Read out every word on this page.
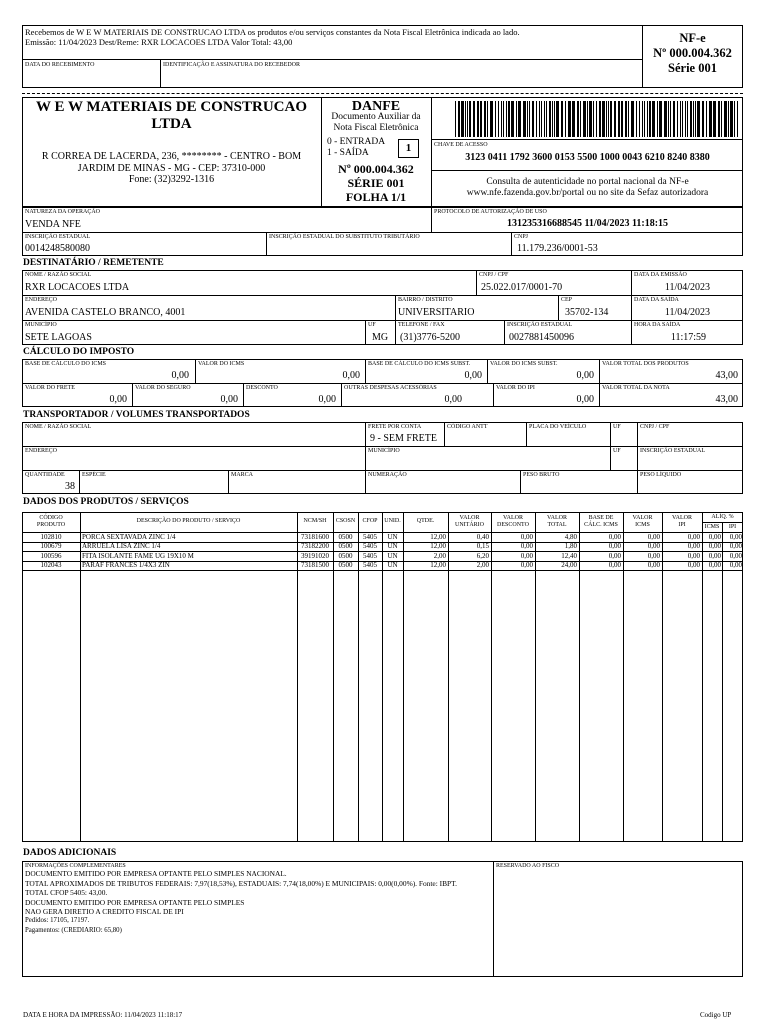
Recebemos de W E W MATERIAIS DE CONSTRUCAO LTDA os produtos e/ou serviços constantes da Nota Fiscal Eletrônica indicada ao lado.
Emissão: 11/04/2023 Dest/Reme: RXR LOCACOES LTDA Valor Total: 43,00
DATA DO RECEBIMENTO	IDENTIFICAÇÃO E ASSINATURA DO RECEBEDOR
NF-e
Nº 000.004.362
Série 001
W E W MATERIAIS DE CONSTRUCAO
LTDA
R CORREA DE LACERDA, 236, ******** - CENTRO - BOM
JARDIM DE MINAS - MG - CEP: 37310-000
Fone: (32)3292-1316
DANFE
Documento Auxiliar da
Nota Fiscal Eletrônica
0 - ENTRADA
1 - SAÍDA	1
Nº 000.004.362
SÉRIE 001
FOLHA 1/1
CHAVE DE ACESSO
3123 0411 1792 3600 0153 5500 1000 0043 6210 8240 8380
Consulta de autenticidade no portal nacional da NF-e
www.nfe.fazenda.gov.br/portal ou no site da Sefaz autorizadora
NATUREZA DA OPERAÇÃO
VENDA NFE
PROTOCOLO DE AUTORIZAÇÃO DE USO
131235316688545 11/04/2023 11:18:15
INSCRIÇÃO ESTADUAL
0014248580080
INSCRIÇÃO ESTADUAL DO SUBSTITUTO TRIBUTÁRIO	CNPJ
11.179.236/0001-53
DESTINATÁRIO / REMETENTE
NOME / RAZÃO SOCIAL
RXR LOCACOES LTDA
CNPJ / CPF
25.022.017/0001-70
DATA DA EMISSÃO
11/04/2023
ENDEREÇO
AVENIDA CASTELO BRANCO, 4001
BAIRRO / DISTRITO
UNIVERSITARIO
CEP
35702-134
DATA DA SAÍDA
11/04/2023
MUNICÍPIO
SETE LAGOAS
UF
MG
TELEFONE / FAX
(31)3776-5200
INSCRIÇÃO ESTADUAL
0027881450096
HORA DA SAÍDA
11:17:59
CÁLCULO DO IMPOSTO
BASE DE CÁLCULO DO ICMS
0,00
VALOR DO ICMS
0,00
BASE DE CÁLCULO DO ICMS SUBST.
0,00
VALOR DO ICMS SUBST.
0,00
VALOR TOTAL DOS PRODUTOS
43,00
VALOR DO FRETE
0,00
VALOR DO SEGURO
0,00
DESCONTO
0,00
OUTRAS DESPESAS ACESSÓRIAS
0,00
VALOR DO IPI
0,00
VALOR TOTAL DA NOTA
43,00
TRANSPORTADOR / VOLUMES TRANSPORTADOS
NOME / RAZÃO SOCIAL	FRETE POR CONTA
9 - SEM FRETE
CÓDIGO ANTT	PLACA DO VEÍCULO	UF	CNPJ / CPF
ENDEREÇO	MUNICÍPIO	UF	INSCRIÇÃO ESTADUAL
QUANTIDADE
38
ESPÉCIE	MARCA	NUMERAÇÃO	PESO BRUTO	PESO LÍQUIDO
DADOS DOS PRODUTOS / SERVIÇOS
CÓDIGO
PRODUTO
DESCRIÇÃO DO PRODUTO / SERVIÇO	NCM/SH	CSOSN	CFOP	UNID.	QTDE.	VALOR
UNITÁRIO
VALOR
DESCONTO
VALOR
TOTAL
BASE DE
CÁLC. ICMS
VALOR
ICMS
VALOR
IPI
ALÍQ. %
ICMS	IPI
102810	PORCA SEXTAVADA ZINC 1/4	73181600	0500	5405	UN	12,00	0,40	0,00	4,80	0,00	0,00	0,00	0,00	0,00
100679	ARRUELA LISA ZINC 1/4	73182200	0500	5405	UN	12,00	0,15	0,00	1,80	0,00	0,00	0,00	0,00	0,00
100596	FITA ISOLANTE FAME UG 19X10 M	39191020	0500	5405	UN	2,00	6,20	0,00	12,40	0,00	0,00	0,00	0,00	0,00
102043	PARAF FRANCES 1/4X3 ZIN	73181500	0500	5405	UN	12,00	2,00	0,00	24,00	0,00	0,00	0,00	0,00	0,00
DADOS ADICIONAIS
INFORMAÇÕES COMPLEMENTARES	RESERVADO AO FISCO
DOCUMENTO EMITIDO POR EMPRESA OPTANTE PELO SIMPLES NACIONAL.
TOTAL APROXIMADOS DE TRIBUTOS FEDERAIS: 7,97(18,53%), ESTADUAIS: 7,74(18,00%) E MUNICIPAIS: 0,00(0,00%). Fonte: IBPT.
TOTAL CFOP 5405: 43,00.
DOCUMENTO EMITIDO POR EMPRESA OPTANTE PELO SIMPLES
NAO GERA DIRETIO A CREDITO FISCAL DE IPI
Pedidos: 17105, 17197.
Pagamentos: (CREDIARIO: 65,80)
DATA E HORA DA IMPRESSÃO: 11/04/2023 11:18:17	Codigo UP
